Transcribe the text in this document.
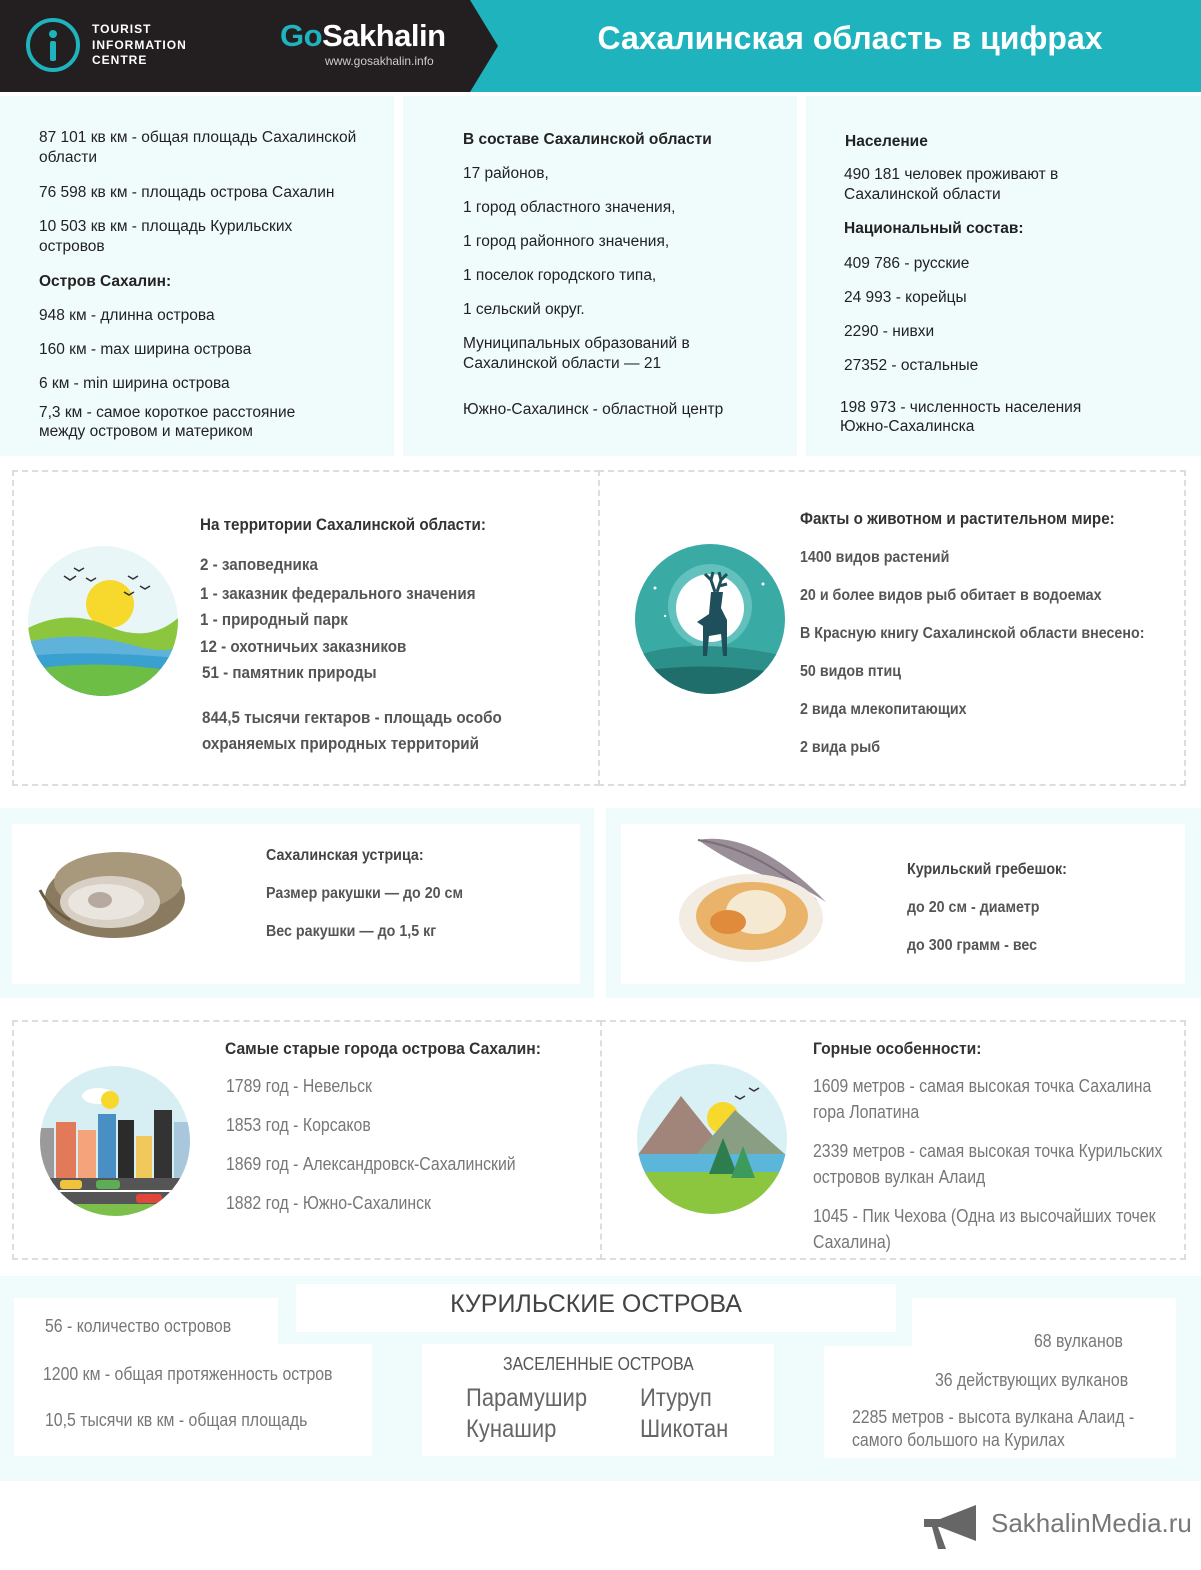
TOURIST
INFORMATION
CENTRE
GoSakhalin
www.gosakhalin.info
Сахалинская область в цифрах
87 101 кв км - общая площадь Сахалинской
области
76 598 кв км - площадь острова Сахалин
10 503 кв км - площадь Курильских
островов
Остров Сахалин:
948 км - длинна острова
160 км - max ширина острова
6 км - min ширина острова
7,3 км - самое короткое расстояние
между островом и материком
В составе Сахалинской области
17 районов,
1 город областного значения,
1 город районного значения,
1 поселок городского типа,
1 сельский округ.
Муниципальных образований в
Сахалинской области — 21
Южно-Сахалинск - областной центр
Население
490 181 человек проживают в
Сахалинской области
Национальный состав:
409 786 - русские
24 993 - корейцы
2290 - нивхи
27352 - остальные
198 973 - численность населения
Южно-Сахалинска
На территории Сахалинской области:
2 - заповедника
1 - заказник федерального значения
1 - природный парк
12 - охотничьих заказников
51 - памятник природы
844,5 тысячи гектаров - площадь особо
охраняемых природных территорий
Факты о животном и растительном мире:
1400 видов растений
20 и более видов рыб обитает в водоемах
В Красную книгу Сахалинской области внесено:
50 видов птиц
2 вида млекопитающих
2 вида рыб
Сахалинская устрица:
Размер ракушки — до 20 см
Вес ракушки — до 1,5 кг
Курильский гребешок:
до 20 см - диаметр
до 300 грамм - вес
Самые старые города острова Сахалин:
1789 год - Невельск
1853 год - Корсаков
1869 год - Александровск-Сахалинский
1882 год - Южно-Сахалинск
Горные особенности:
1609 метров - самая высокая точка Сахалина
гора Лопатина
2339 метров - самая высокая точка Курильских
островов вулкан Алаид
1045 - Пик Чехова (Одна из высочайших точек
Сахалина)
КУРИЛЬСКИЕ ОСТРОВА
56 - количество островов
1200 км - общая протяженность остров
10,5 тысячи кв км - общая площадь
ЗАСЕЛЕННЫЕ ОСТРОВА
Парамушир Итуруп
Кунашир	Шикотан
68 вулканов
36 действующих вулканов
2285 метров - высота вулкана Алаид -
самого большого на Курилах
SakhalinMedia.ru
